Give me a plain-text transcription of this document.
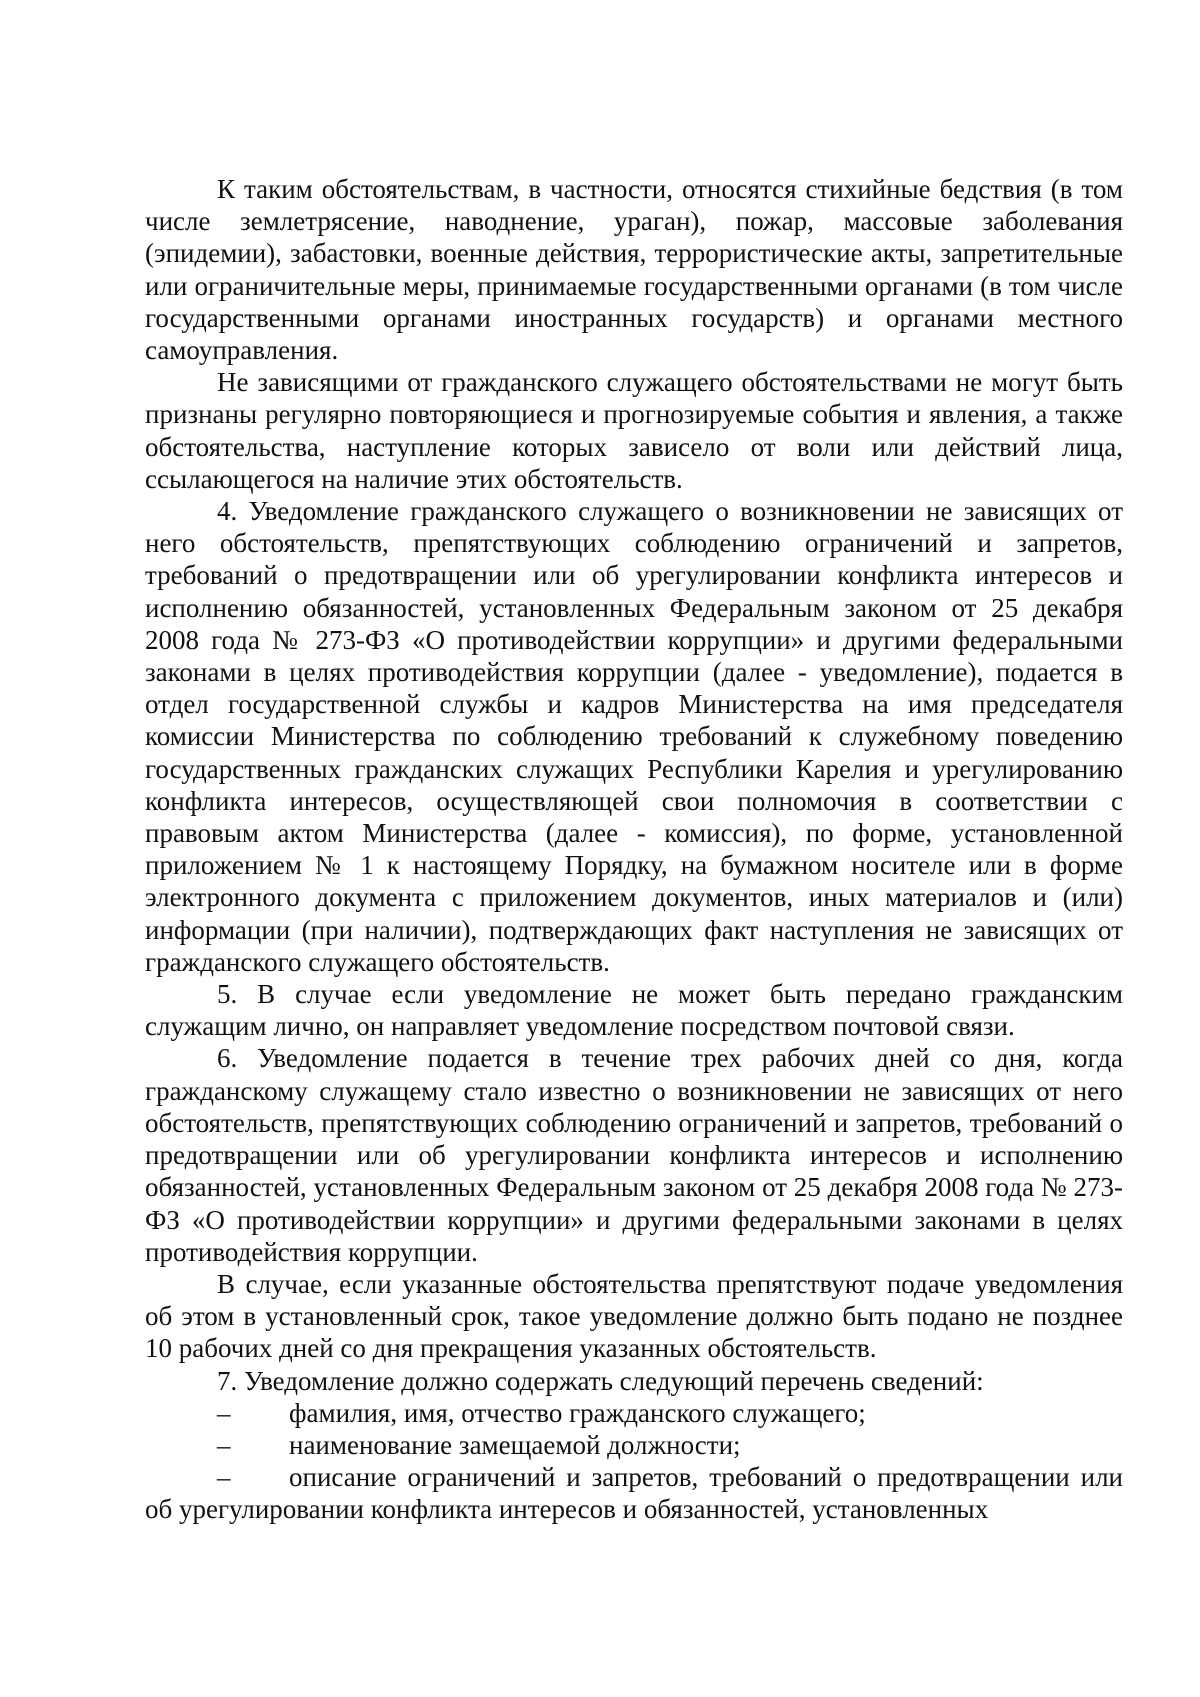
К таким обстоятельствам, в частности, относятся стихийные бедствия (в том числе землетрясение, наводнение, ураган), пожар, массовые заболевания (эпидемии), забастовки, военные действия, террористические акты, запретительные или ограничительные меры, принимаемые государственными органами (в том числе государственными органами иностранных государств) и органами местного самоуправления.

Не зависящими от гражданского служащего обстоятельствами не могут быть признаны регулярно повторяющиеся и прогнозируемые события и явления, а также обстоятельства, наступление которых зависело от воли или действий лица, ссылающегося на наличие этих обстоятельств.

4. Уведомление гражданского служащего о возникновении не зависящих от него обстоятельств, препятствующих соблюдению ограничений и запретов, требований о предотвращении или об урегулировании конфликта интересов и исполнению обязанностей, установленных Федеральным законом от 25 декабря 2008 года № 273-ФЗ «О противодействии коррупции» и другими федеральными законами в целях противодействия коррупции (далее - уведомление), подается в отдел государственной службы и кадров Министерства на имя председателя комиссии Министерства по соблюдению требований к служебному поведению государственных гражданских служащих Республики Карелия и урегулированию конфликта интересов, осуществляющей свои полномочия в соответствии с правовым актом Министерства (далее - комиссия), по форме, установленной приложением № 1 к настоящему Порядку, на бумажном носителе или в форме электронного документа с приложением документов, иных материалов и (или) информации (при наличии), подтверждающих факт наступления не зависящих от гражданского служащего обстоятельств.

5. В случае если уведомление не может быть передано гражданским служащим лично, он направляет уведомление посредством почтовой связи.

6. Уведомление подается в течение трех рабочих дней со дня, когда гражданскому служащему стало известно о возникновении не зависящих от него обстоятельств, препятствующих соблюдению ограничений и запретов, требований о предотвращении или об урегулировании конфликта интересов и исполнению обязанностей, установленных Федеральным законом от 25 декабря 2008 года № 273-ФЗ «О противодействии коррупции» и другими федеральными законами в целях противодействия коррупции.

В случае, если указанные обстоятельства препятствуют подаче уведомления об этом в установленный срок, такое уведомление должно быть подано не позднее 10 рабочих дней со дня прекращения указанных обстоятельств.

7. Уведомление должно содержать следующий перечень сведений:

– фамилия, имя, отчество гражданского служащего;

– наименование замещаемой должности;

– описание ограничений и запретов, требований о предотвращении или об урегулировании конфликта интересов и обязанностей, установленных
